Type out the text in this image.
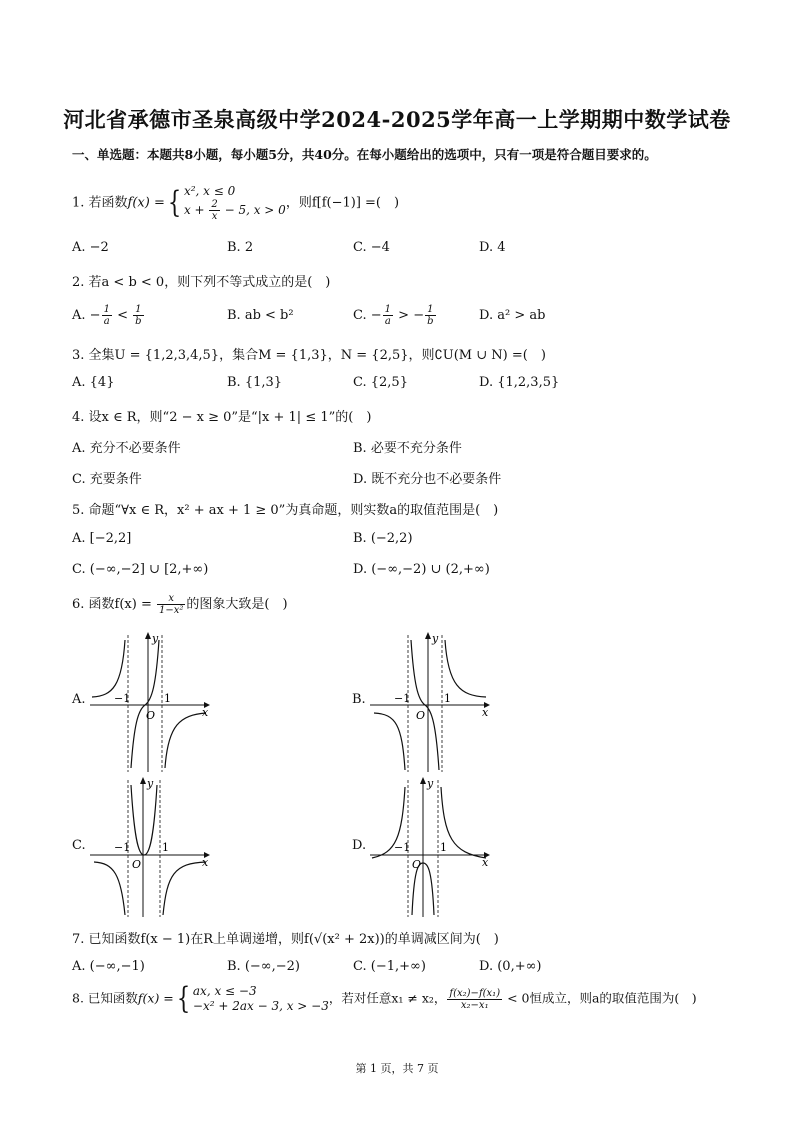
河北省承德市圣泉高级中学2024-2025学年高一上学期期中数学试卷
一、单选题：本题共8小题，每小题5分，共40分。在每小题给出的选项中，只有一项是符合题目要求的。
1. 若函数f(x) ={ x², x ≤ 0
$x + \frac{2}{x} - 5$, x > 0 ，则f[f(−1)] =(　)
A. −2	B. 2	C. −4	D. 4
2. 若a < b < 0，则下列不等式成立的是(　)
A. − $\frac{1}{a} < \frac{1}{b}$	B. ab < b²	C. − $\frac{1}{a}$ > − $\frac{1}{b}$	D. a² > ab
3. 全集U = {1,2,3,4,5}，集合M = {1,3}，N = {2,5}，则∁U(M ∪ N) =(　)
A. {4}	B. {1,3}	C. {2,5}	D. {1,2,3,5}
4. 设x ∈ R，则“2 − x ≥ 0”是“|x + 1| ≤ 1”的(　)
A. 充分不必要条件	B. 必要不充分条件
C. 充要条件	D. 既不充分也不必要条件
5. 命题“∀x ∈ R，x² + ax + 1 ≥ 0”为真命题，则实数a的取值范围是(　)
A. [−2,2]	B. (−2,2)
C. (−∞,−2] ∪ [2,+∞)	D. (−∞,−2) ∪ (2,+∞)
6. 函数$f(x) = \frac{x}{\text{1−x²}}$ 的图象大致是(　)
A.	B.
C.	D.
−1	1
O
y
x
−1	1
O
y
x
−1	1
O
y
x
−1	1
O
y
x
7. 已知函数f(x − 1)在R上单调递增，则f(√(x² + 2x))的单调减区间为(　)
A. (−∞,−1)	B. (−∞,−2)	C. (−1,+∞)	D. (0,+∞)
8. 已知函数f(x) ={ ax, x ≤ −3
−x² + 2ax − 3, x > −3
，若对任意x₁ ≠ x₂， $\frac{\text{f(x₂)−f(x₁)}}{\text{x₂−x₁}} < 0$恒成立，则a的取值范围为(　)
第 1 页，共 7 页
